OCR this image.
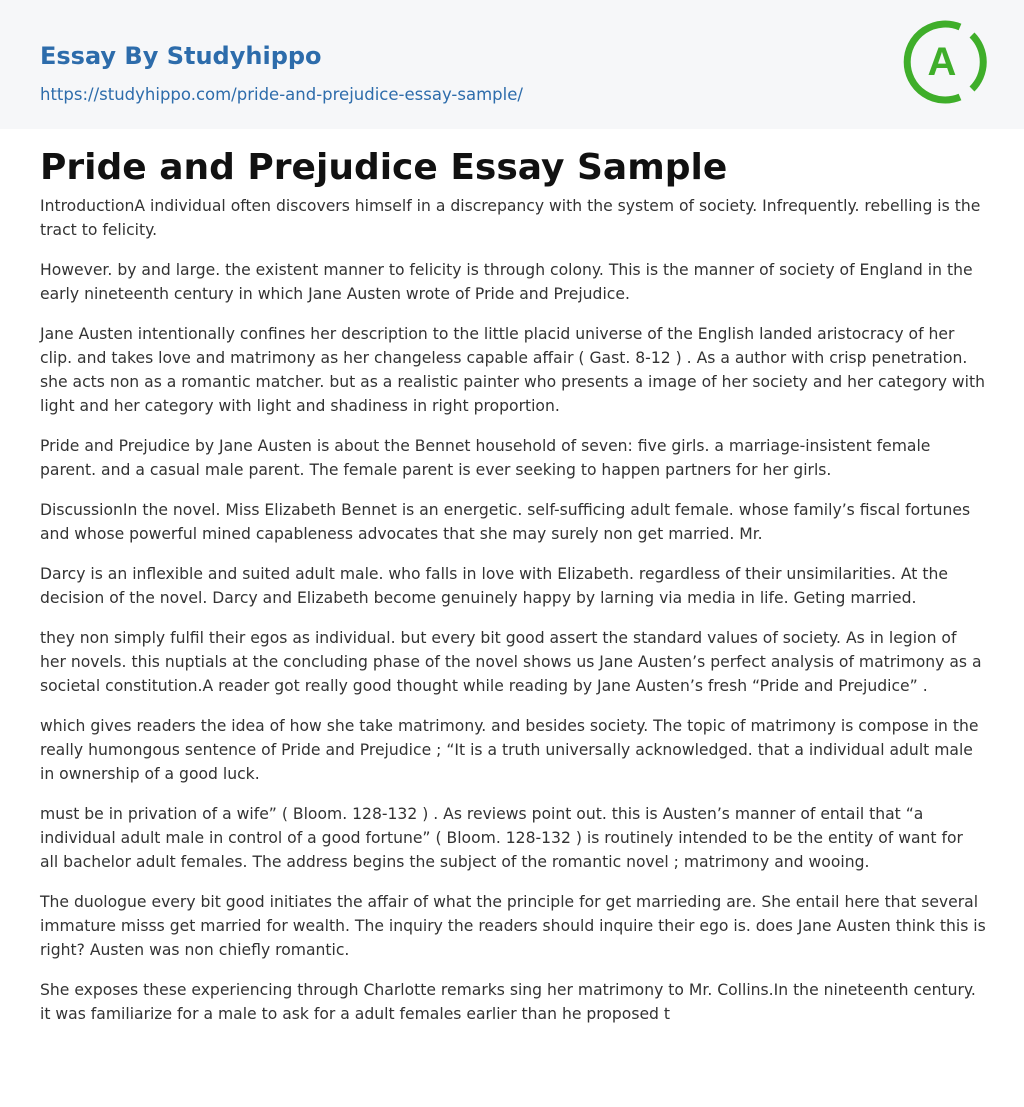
Essay By Studyhippo
https://studyhippo.com/pride-and-prejudice-essay-sample/
A
Pride and Prejudice Essay Sample

IntroductionA individual often discovers himself in a discrepancy with the system of society. Infrequently. rebelling is the tract to felicity.

However. by and large. the existent manner to felicity is through colony. This is the manner of society of England in the early nineteenth century in which Jane Austen wrote of Pride and Prejudice.

Jane Austen intentionally confines her description to the little placid universe of the English landed aristocracy of her clip. and takes love and matrimony as her changeless capable affair ( Gast. 8-12 ) . As a author with crisp penetration. she acts non as a romantic matcher. but as a realistic painter who presents a image of her society and her category with light and her category with light and shadiness in right proportion.

Pride and Prejudice by Jane Austen is about the Bennet household of seven: five girls. a marriage-insistent female parent. and a casual male parent. The female parent is ever seeking to happen partners for her girls.

DiscussionIn the novel. Miss Elizabeth Bennet is an energetic. self-sufficing adult female. whose family’s fiscal fortunes and whose powerful mined capableness advocates that she may surely non get married. Mr.

Darcy is an inflexible and suited adult male. who falls in love with Elizabeth. regardless of their unsimilarities. At the decision of the novel. Darcy and Elizabeth become genuinely happy by larning via media in life. Geting married.

they non simply fulfil their egos as individual. but every bit good assert the standard values of society. As in legion of her novels. this nuptials at the concluding phase of the novel shows us Jane Austen’s perfect analysis of matrimony as a societal constitution.A reader got really good thought while reading by Jane Austen’s fresh “Pride and Prejudice” .

which gives readers the idea of how she take matrimony. and besides society. The topic of matrimony is compose in the really humongous sentence of Pride and Prejudice ; “It is a truth universally acknowledged. that a individual adult male in ownership of a good luck.

must be in privation of a wife” ( Bloom. 128-132 ) . As reviews point out. this is Austen’s manner of entail that “a individual adult male in control of a good fortune” ( Bloom. 128-132 ) is routinely intended to be the entity of want for all bachelor adult females. The address begins the subject of the romantic novel ; matrimony and wooing.

The duologue every bit good initiates the affair of what the principle for get marrieding are. She entail here that several immature misss get married for wealth. The inquiry the readers should inquire their ego is. does Jane Austen think this is right? Austen was non chiefly romantic.

She exposes these experiencing through Charlotte remarks sing her matrimony to Mr. Collins.In the nineteenth century. it was familiarize for a male to ask for a adult females earlier than he proposed t
